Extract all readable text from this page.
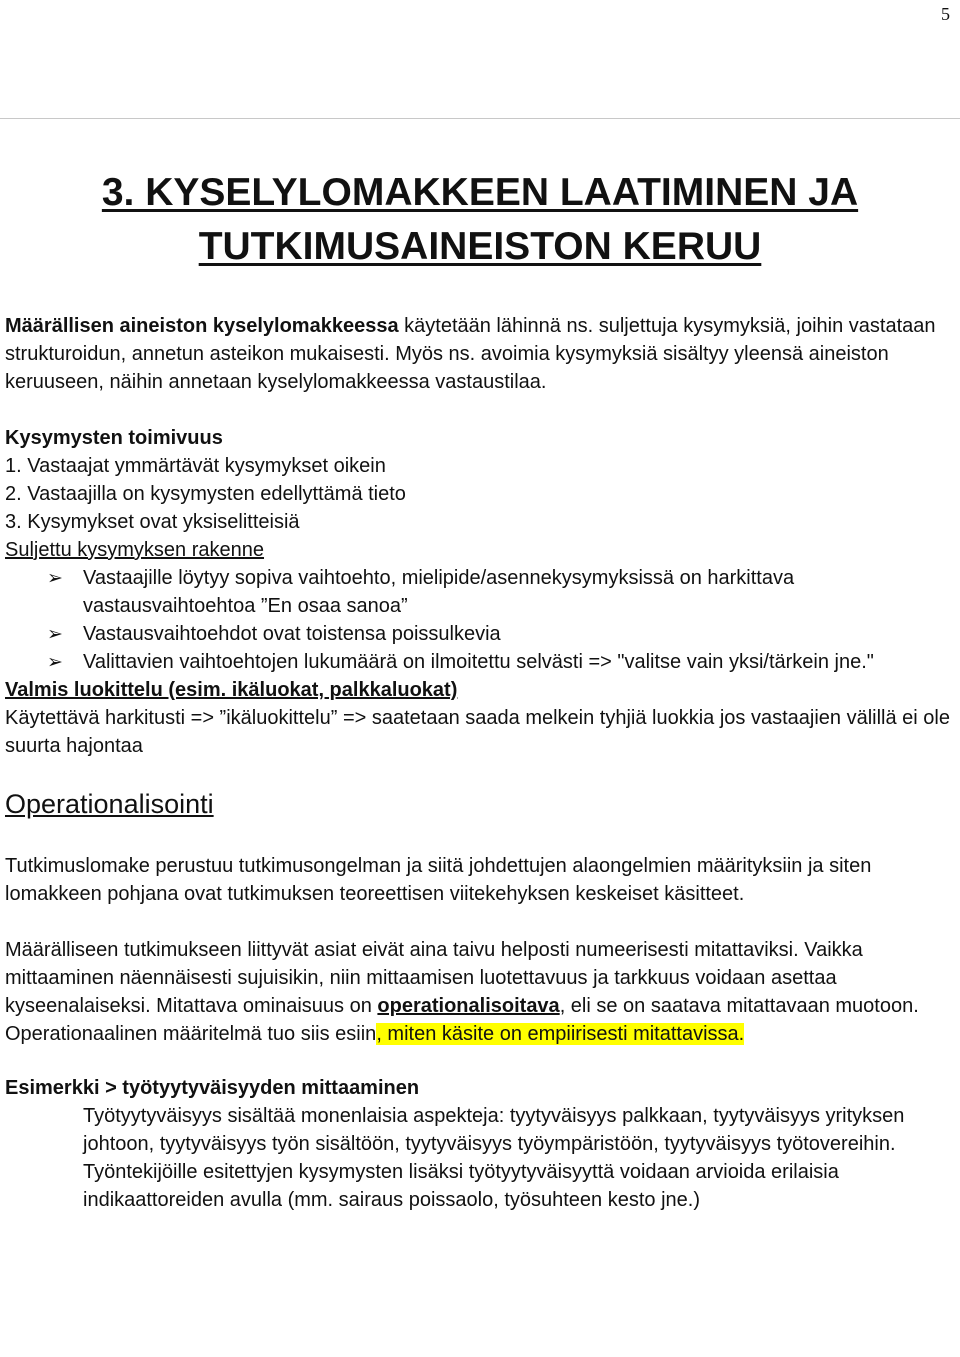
5
3. KYSELYLOMAKKEEN LAATIMINEN JA
TUTKIMUSAINEISTON KERUU

Määrällisen aineiston kyselylomakkeessa käytetään lähinnä ns. suljettuja kysymyksiä, joihin vastataan strukturoidun, annetun asteikon mukaisesti. Myös ns. avoimia kysymyksiä sisältyy yleensä aineiston keruuseen, näihin annetaan kyselylomakkeessa vastaustilaa.

Kysymysten toimivuus

1. Vastaajat ymmärtävät kysymykset oikein

2. Vastaajilla on kysymysten edellyttämä tieto

3. Kysymykset ovat yksiselitteisiä

Suljettu kysymyksen rakenne

➢ Vastaajille löytyy sopiva vaihtoehto, mielipide/asennekysymyksissä on harkittava vastausvaihtoehtoa ”En osaa sanoa”
➢ Vastausvaihtoehdot ovat toistensa poissulkevia
➢ Valittavien vaihtoehtojen lukumäärä on ilmoitettu selvästi => "valitse vain yksi/tärkein jne."

Valmis luokittelu (esim. ikäluokat, palkkaluokat)

Käytettävä harkitusti => ”ikäluokittelu” => saatetaan saada melkein tyhjiä luokkia jos vastaajien välillä ei ole suurta hajontaa

Operationalisointi

Tutkimuslomake perustuu tutkimusongelman ja siitä johdettujen alaongelmien määrityksiin ja siten lomakkeen pohjana ovat tutkimuksen teoreettisen viitekehyksen keskeiset käsitteet.

Määrälliseen tutkimukseen liittyvät asiat eivät aina taivu helposti numeerisesti mitattaviksi. Vaikka mittaaminen näennäisesti sujuisikin, niin mittaamisen luotettavuus ja tarkkuus voidaan asettaa kyseenalaiseksi. Mitattava ominaisuus on operationalisoitava, eli se on saatava mitattavaan muotoon. Operationaalinen määritelmä tuo siis esiin, miten käsite on empiirisesti mitattavissa.

Esimerkki > työtyytyväisyyden mittaaminen

Työtyytyväisyys sisältää monenlaisia aspekteja: tyytyväisyys palkkaan, tyytyväisyys yrityksen johtoon, tyytyväisyys työn sisältöön, tyytyväisyys työympäristöön, tyytyväisyys työtovereihin. Työntekijöille esitettyjen kysymysten lisäksi työtyytyväisyyttä voidaan arvioida erilaisia indikaattoreiden avulla (mm. sairaus poissaolo, työsuhteen kesto jne.)
